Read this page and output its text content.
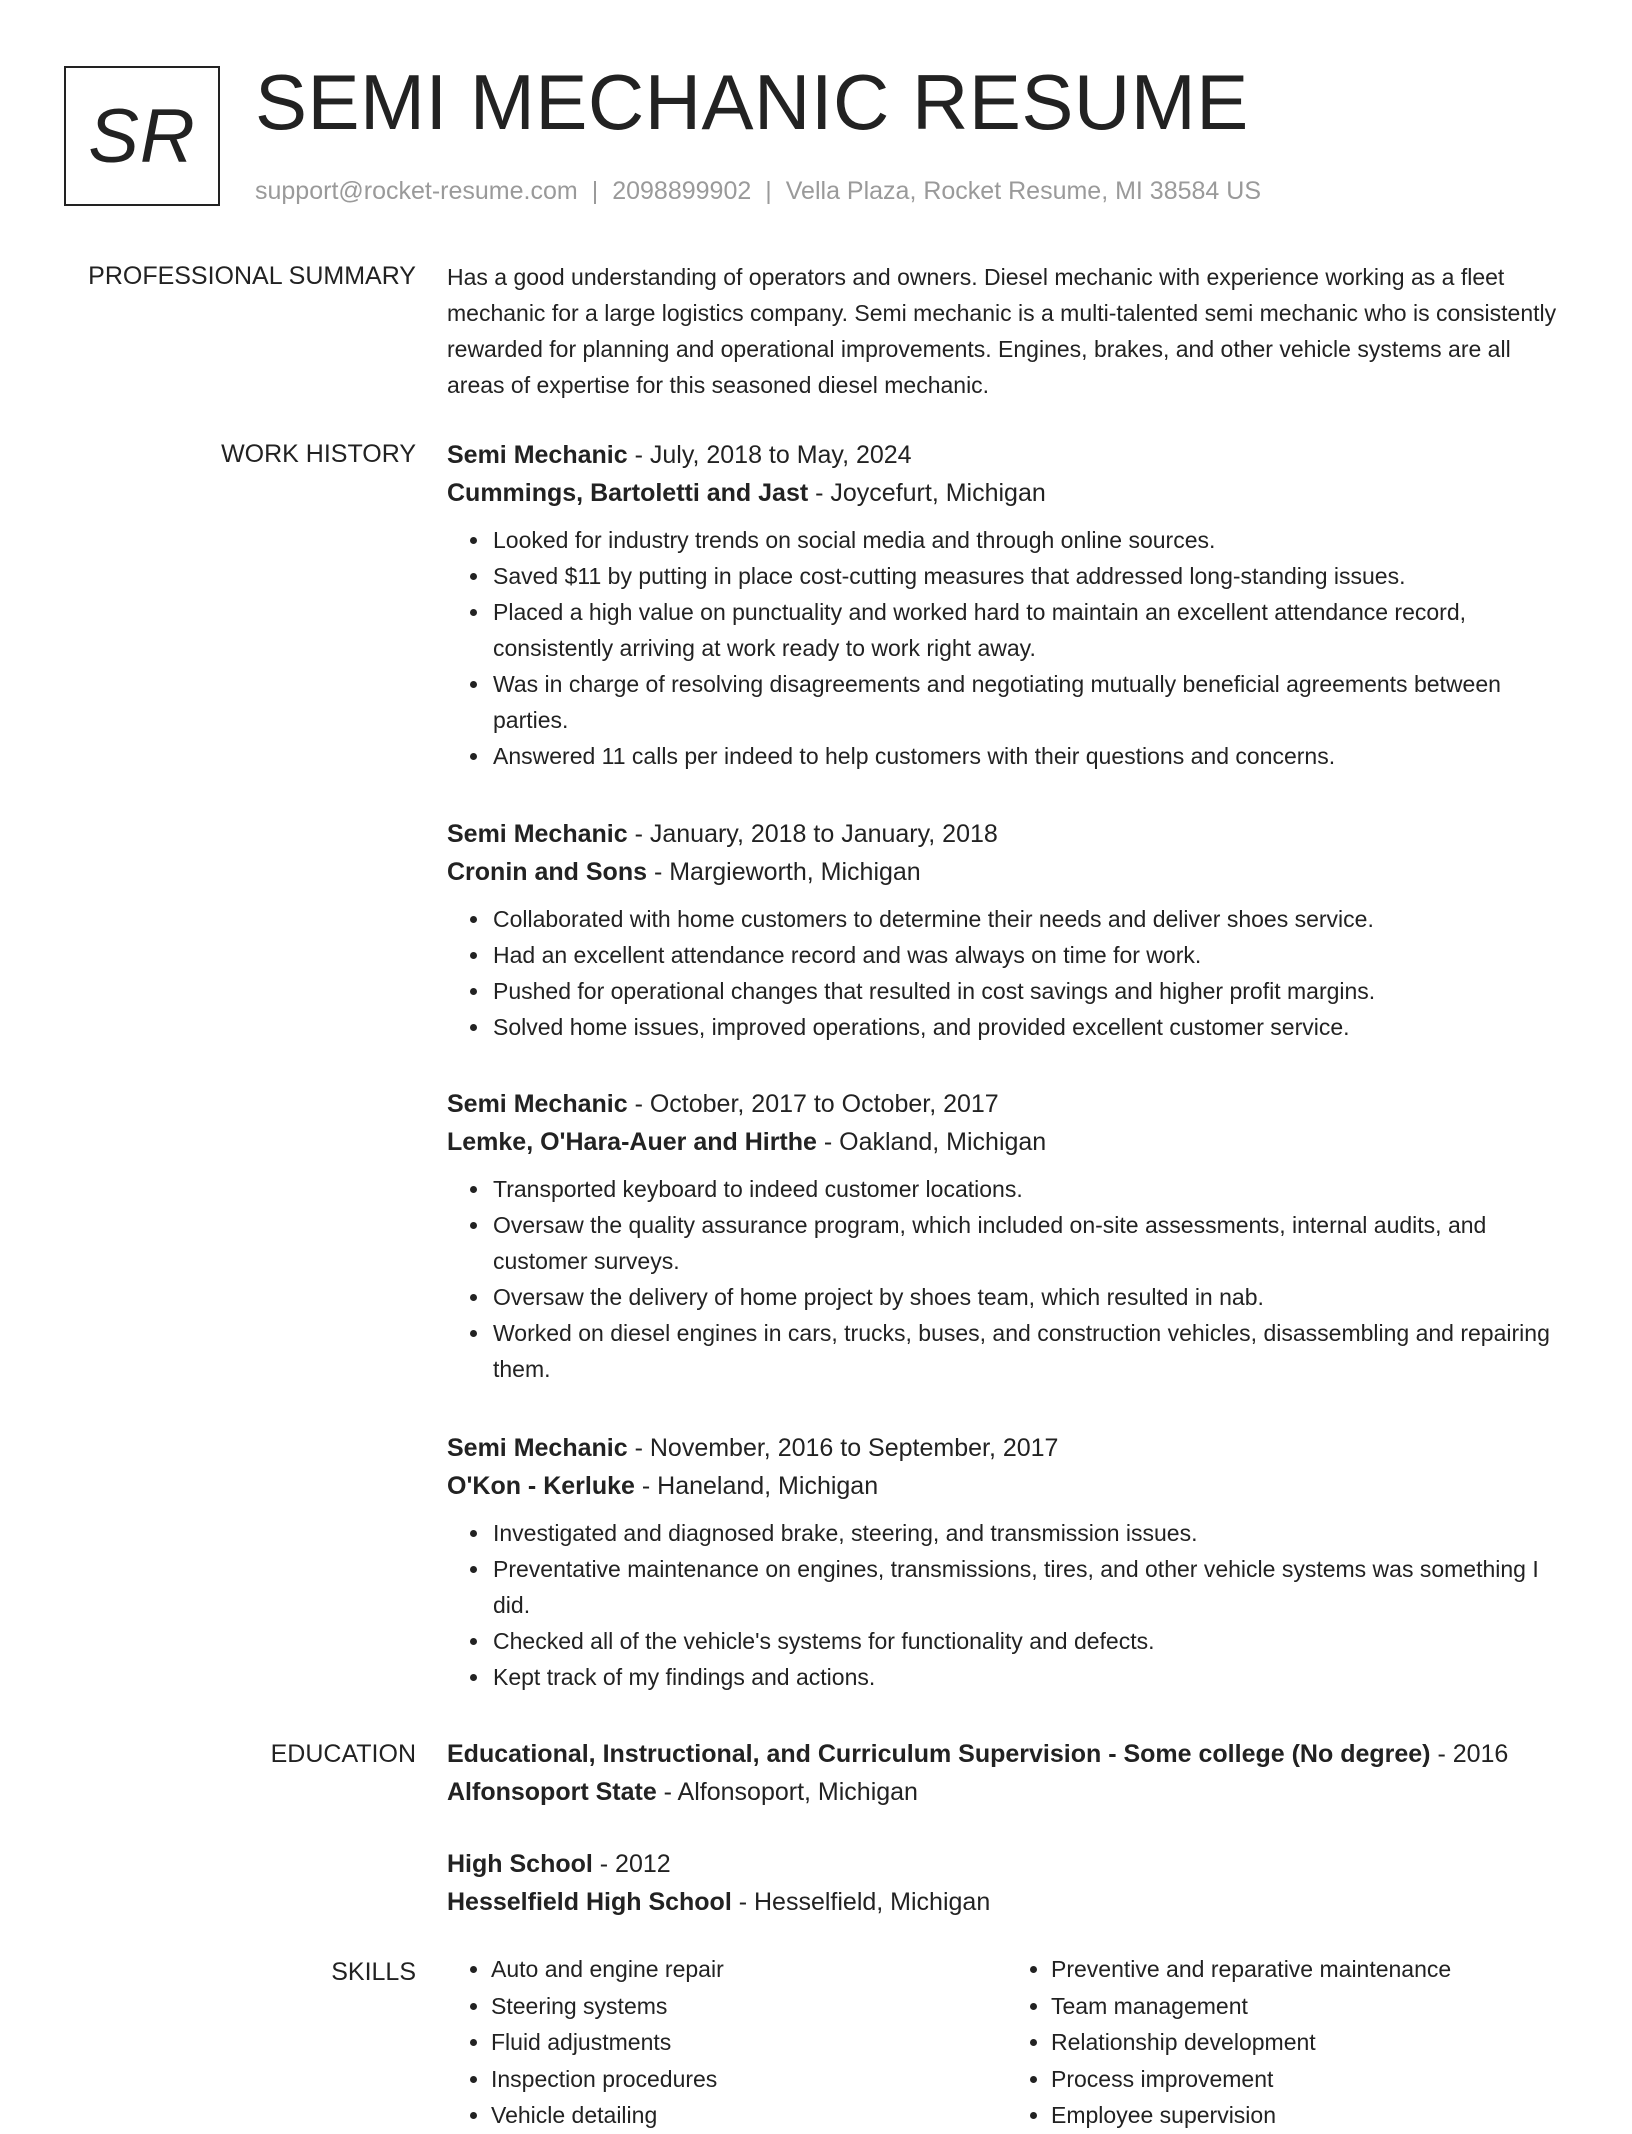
SR SEMI MECHANIC RESUME
support@rocket-resume.com | 2098899902 | Vella Plaza, Rocket Resume, MI 38584 US
PROFESSIONAL SUMMARY Has a good understanding of operators and owners. Diesel mechanic with experience working as a fleet mechanic for a large logistics company. Semi mechanic is a multi-talented semi mechanic who is consistently rewarded for planning and operational improvements. Engines, brakes, and other vehicle systems are all areas of expertise for this seasoned diesel mechanic.
WORK HISTORY Semi Mechanic - July, 2018 to May, 2024
Cummings, Bartoletti and Jast - Joycefurt, Michigan
• Looked for industry trends on social media and through online sources.
• Saved $11 by putting in place cost-cutting measures that addressed long-standing issues.
• Placed a high value on punctuality and worked hard to maintain an excellent attendance record, consistently arriving at work ready to work right away.
• Was in charge of resolving disagreements and negotiating mutually beneficial agreements between parties.
• Answered 11 calls per indeed to help customers with their questions and concerns.
Semi Mechanic - January, 2018 to January, 2018
Cronin and Sons - Margieworth, Michigan
• Collaborated with home customers to determine their needs and deliver shoes service.
• Had an excellent attendance record and was always on time for work.
• Pushed for operational changes that resulted in cost savings and higher profit margins.
• Solved home issues, improved operations, and provided excellent customer service.
Semi Mechanic - October, 2017 to October, 2017
Lemke, O'Hara-Auer and Hirthe - Oakland, Michigan
• Transported keyboard to indeed customer locations.
• Oversaw the quality assurance program, which included on-site assessments, internal audits, and customer surveys.
• Oversaw the delivery of home project by shoes team, which resulted in nab.
• Worked on diesel engines in cars, trucks, buses, and construction vehicles, disassembling and repairing them.
Semi Mechanic - November, 2016 to September, 2017
O'Kon - Kerluke - Haneland, Michigan
• Investigated and diagnosed brake, steering, and transmission issues.
• Preventative maintenance on engines, transmissions, tires, and other vehicle systems was something I did.
• Checked all of the vehicle's systems for functionality and defects.
• Kept track of my findings and actions.
EDUCATION Educational, Instructional, and Curriculum Supervision - Some college (No degree) - 2016
Alfonsoport State - Alfonsoport, Michigan
High School - 2012
Hesselfield High School - Hesselfield, Michigan
SKILLS
•	Auto and engine repair
• Steering systems
• Fluid adjustments
• Inspection procedures
• Vehicle detailing
• Preventive and reparative maintenance
• Team management
• Relationship development
• Process improvement
• Employee supervision
